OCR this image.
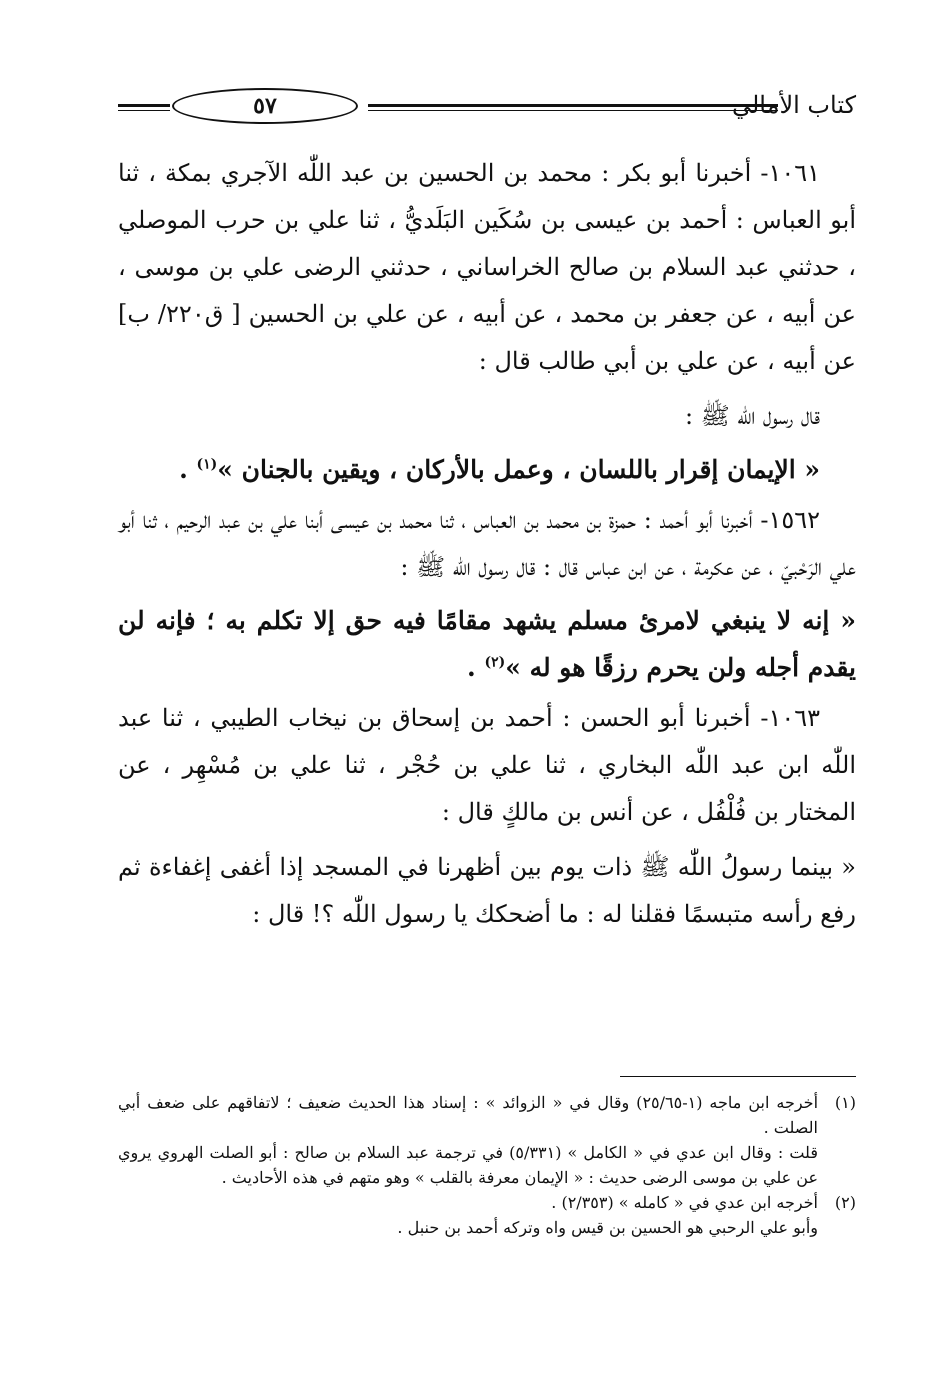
٥٧	كتاب الأمالي

١٠٦١- أخبرنا أبو بكر : محمد بن الحسين بن عبد اللّٰه الآجري بمكة ، ثنا أبو العباس : أحمد بن عيسى بن سُكَين البَلَديُّ ، ثنا علي بن حرب الموصلي ، حدثني عبد السلام بن صالح الخراساني ، حدثني الرضى علي بن موسى ، عن أبيه ، عن جعفر بن محمد ، عن أبيه ، عن علي بن الحسين [ ق٢٢٠/ ب] عن أبيه ، عن علي بن أبي طالب قال :

قال رسول اللّٰه ﷺ :

« الإيمان إقرار باللسان ، وعمل بالأركان ، ويقين بالجنان »$^{(١)}$ .

١٥٦٢- أخبرنا أبو أحمد : حمزة بن محمد بن العباس ، ثنا محمد بن عيسى أبنا علي بن عبد الرحيم ، ثنا أبو علي الرَحْبيّ ، عن عكرمة ، عن ابن عباس قال : قال رسول اللّٰه ﷺ :

« إنه لا ينبغي لامرئ مسلم يشهد مقامًا فيه حق إلا تكلم به ؛ فإنه لن يقدم أجله ولن يحرم رزقًا هو له »$^{(٢)}$ .

١٠٦٣- أخبرنا أبو الحسن : أحمد بن إسحاق بن نيخاب الطيبي ، ثنا عبد اللّٰه ابن عبد اللّٰه البخاري ، ثنا علي بن حُجْر ، ثنا علي بن مُسْهِر ، عن المختار بن فُلْفُل ، عن أنس بن مالكٍ قال :

« بينما رسولُ اللّٰه ﷺ ذات يوم بين أظهرنا في المسجد إذا أغفى إغفاءة ثم رفع رأسه متبسمًا فقلنا له : ما أضحكك يا رسول اللّٰه ؟! قال :

(١)
أخرجه ابن ماجه (١-٢٥/٦٥) وقال في « الزوائد » : إسناد هذا الحديث ضعيف ؛ لاتفاقهم على ضعف أبي الصلت .

قلت : وقال ابن عدي في « الكامل » (٥/٣٣١) في ترجمة عبد السلام بن صالح : أبو الصلت الهروي يروي عن علي بن موسى الرضى حديث : « الإيمان معرفة بالقلب » وهو متهم في هذه الأحاديث .

(٢)
أخرجه ابن عدي في « كامله » (٢/٣٥٣) .

وأبو علي الرحبي هو الحسين بن قيس واه وتركه أحمد بن حنبل .
